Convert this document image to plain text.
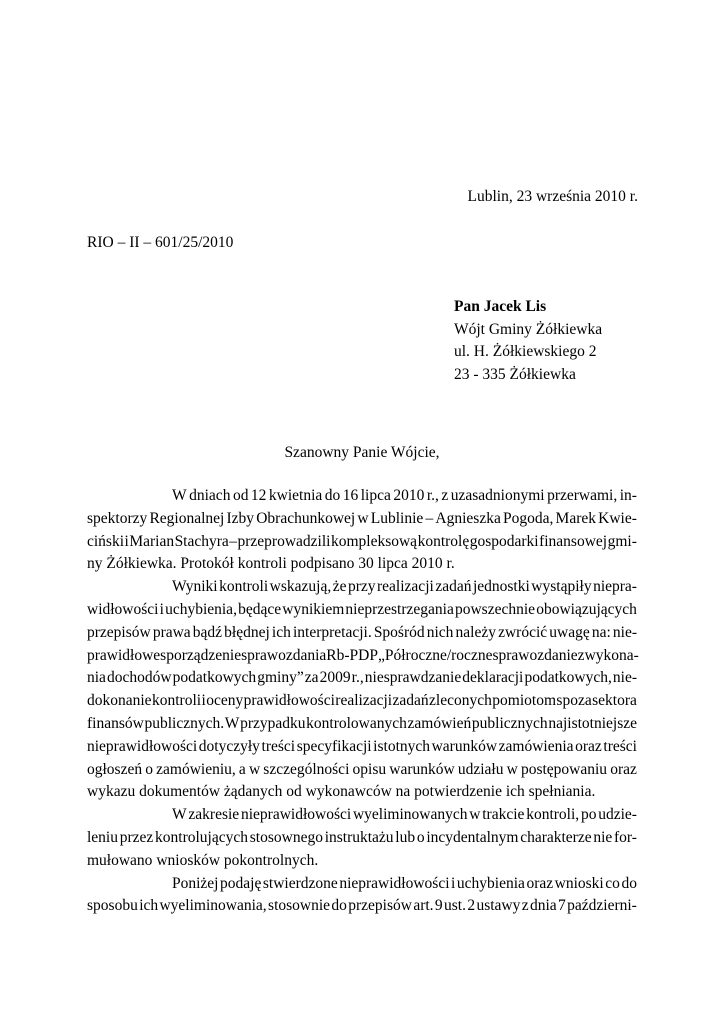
Lublin, 23 września 2010 r.
RIO – II – 601/25/2010
Pan Jacek Lis
Wójt Gminy Żółkiewka
ul. H. Żółkiewskiego 2
23 - 335 Żółkiewka
Szanowny Panie Wójcie,
W dniach od 12 kwietnia do 16 lipca 2010 r., z uzasadnionymi przerwami, in-
spektorzy Regionalnej Izby Obrachunkowej w Lublinie – Agnieszka Pogoda, Marek Kwie-
ciński i Marian Stachyra – przeprowadzili kompleksową kontrolę gospodarki finansowej gmi-
ny Żółkiewka. Protokół kontroli podpisano 30 lipca 2010 r.
Wyniki kontroli wskazują, że przy realizacji zadań jednostki wystąpiły niepra-
widłowości i uchybienia, będące wynikiem nieprzestrzegania powszechnie obowiązujących
przepisów prawa bądź błędnej ich interpretacji. Spośród nich należy zwrócić uwagę na: nie-
prawidłowe sporządzenie sprawozdania Rb-PDP „Półroczne/roczne sprawozdanie z wykona-
nia dochodów podatkowych gminy” za 2009 r., niesprawdzanie deklaracji podatkowych, nie-
dokonanie kontroli i oceny prawidłowości realizacji zadań zleconych pomiotom spoza sektora
finansów publicznych. W przypadku kontrolowanych zamówień publicznych najistotniejsze
nieprawidłowości dotyczyły treści specyfikacji istotnych warunków zamówienia oraz treści
ogłoszeń o zamówieniu, a w szczególności opisu warunków udziału w postępowaniu oraz
wykazu dokumentów żądanych od wykonawców na potwierdzenie ich spełniania.
W zakresie nieprawidłowości wyeliminowanych w trakcie kontroli, po udzie-
leniu przez kontrolujących stosownego instruktażu lub o incydentalnym charakterze nie for-
mułowano wniosków pokontrolnych.
Poniżej podaję stwierdzone nieprawidłowości i uchybienia oraz wnioski co do
sposobu ich wyeliminowania, stosownie do przepisów art. 9 ust. 2 ustawy z dnia 7 październi-
